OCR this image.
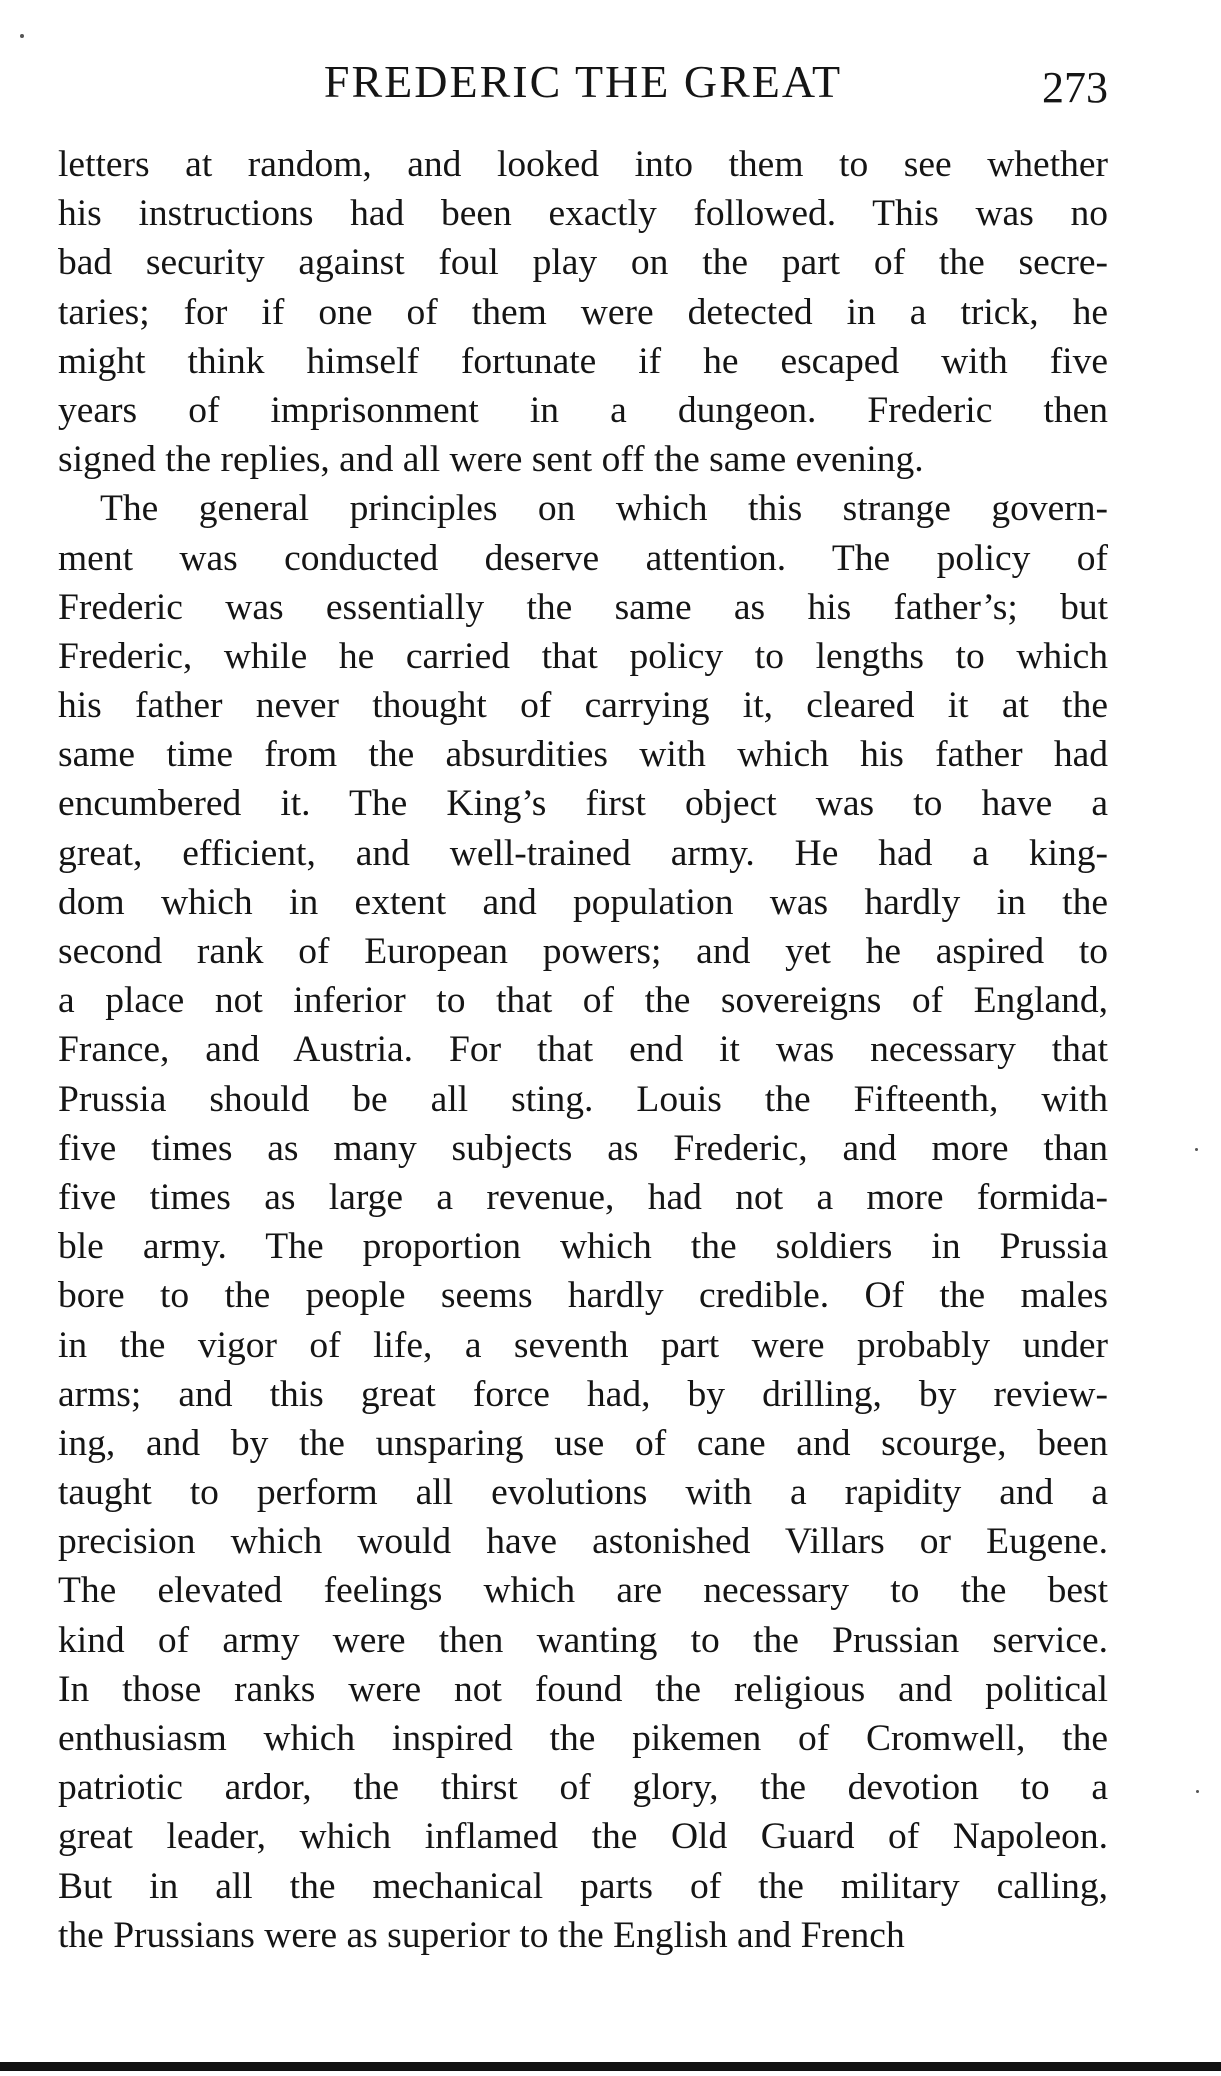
FREDERIC THE GREAT	273
letters at random, and looked into them to see whether
his instructions had been exactly followed. This was no
bad security against foul play on the part of the secre-
taries; for if one of them were detected in a trick, he
might think himself fortunate if he escaped with five
years of imprisonment in a dungeon. Frederic then
signed the replies, and all were sent off the same evening.
The general principles on which this strange govern-
ment was conducted deserve attention. The policy of
Frederic was essentially the same as his father’s; but
Frederic, while he carried that policy to lengths to which
his father never thought of carrying it, cleared it at the
same time from the absurdities with which his father had
encumbered it. The King’s first object was to have a
great, efficient, and well-trained army. He had a king-
dom which in extent and population was hardly in the
second rank of European powers; and yet he aspired to
a place not inferior to that of the sovereigns of England,
France, and Austria. For that end it was necessary that
Prussia should be all sting. Louis the Fifteenth, with
five times as many subjects as Frederic, and more than
five times as large a revenue, had not a more formida-
ble army. The proportion which the soldiers in Prussia
bore to the people seems hardly credible. Of the males
in the vigor of life, a seventh part were probably under
arms; and this great force had, by drilling, by review-
ing, and by the unsparing use of cane and scourge, been
taught to perform all evolutions with a rapidity and a
precision which would have astonished Villars or Eugene.
The elevated feelings which are necessary to the best
kind of army were then wanting to the Prussian service.
In those ranks were not found the religious and political
enthusiasm which inspired the pikemen of Cromwell, the
patriotic ardor, the thirst of glory, the devotion to a
great leader, which inflamed the Old Guard of Napoleon.
But in all the mechanical parts of the military calling,
the Prussians were as superior to the English and French
